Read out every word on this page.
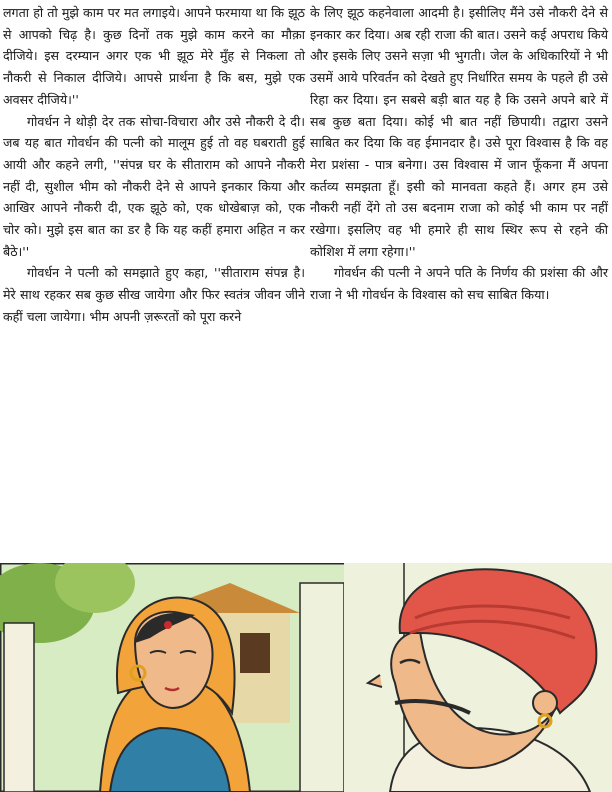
लगता हो तो मुझे काम पर मत लगाइये। आपने फरमाया था कि झूठ से आपको चिढ़ है। कुछ दिनों तक मुझे काम करने का मौक़ा दीजिये। इस दरम्यान अगर एक भी झूठ मेरे मुँह से निकला तो नौकरी से निकाल दीजिये। आपसे प्रार्थना है कि बस, मुझे एक अवसर दीजिये।''

गोवर्धन ने थोड़ी देर तक सोचा-विचारा और उसे नौकरी दे दी। जब यह बात गोवर्धन की पत्नी को मालूम हुई तो वह घबराती हुई आयी और कहने लगी, ''संपन्न घर के सीताराम को आपने नौकरी नहीं दी, सुशील भीम को नौकरी देने से आपने इनकार किया और आखिर आपने नौकरी दी, एक झूठे को, एक धोखेबाज़ को, एक चोर को। मुझे इस बात का डर है कि यह कहीं हमारा अहित न कर बैठे।''

गोवर्धन ने पत्नी को समझाते हुए कहा, ''सीताराम संपन्न है। मेरे साथ रहकर सब कुछ सीख जायेगा और फिर स्वतंत्र जीवन जीने कहीं चला जायेगा। भीम अपनी ज़रूरतों को पूरा करने

के लिए झूठ कहनेवाला आदमी है। इसीलिए मैंने उसे नौकरी देने से इनकार कर दिया। अब रही राजा की बात। उसने कई अपराध किये और इसके लिए उसने सज़ा भी भुगती। जेल के अधिकारियों ने भी उसमें आये परिवर्तन को देखते हुए निर्धारित समय के पहले ही उसे रिहा कर दिया। इन सबसे बड़ी बात यह है कि उसने अपने बारे में सब कुछ बता दिया। कोई भी बात नहीं छिपायी। तद्वारा उसने साबित कर दिया कि वह ईमानदार है। उसे पूरा विश्वास है कि वह मेरा प्रशंसा - पात्र बनेगा। उस विश्वास में जान फूँकना मैं अपना कर्तव्य समझता हूँ। इसी को मानवता कहते हैं। अगर हम उसे नौकरी नहीं देंगे तो उस बदनाम राजा को कोई भी काम पर नहीं रखेगा। इसलिए वह भी हमारे ही साथ स्थिर रूप से रहने की कोशिश में लगा रहेगा।''

गोवर्धन की पत्नी ने अपने पति के निर्णय की प्रशंसा की और राजा ने भी गोवर्धन के विश्वास को सच साबित किया।
